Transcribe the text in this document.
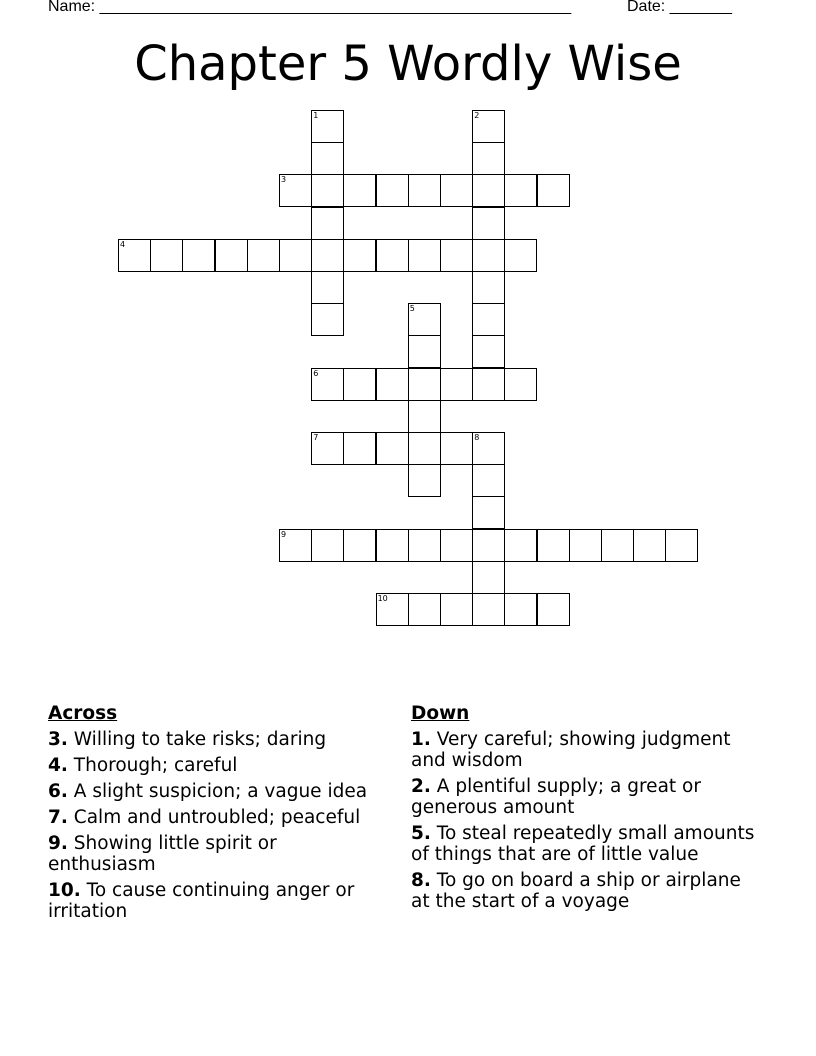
Name: _____________________________________________________	Date: _______
Chapter 5 Wordly Wise
1	2
3
4
5
6
7	8
9
10
Across
3. Willing to take risks; daring
4. Thorough; careful
6. A slight suspicion; a vague idea
7. Calm and untroubled; peaceful
9. Showing little spirit or enthusiasm
10. To cause continuing anger or irritation
Down
1. Very careful; showing judgment and wisdom
2. A plentiful supply; a great or generous amount
5. To steal repeatedly small amounts of things that are of little value
8. To go on board a ship or airplane at the start of a voyage
